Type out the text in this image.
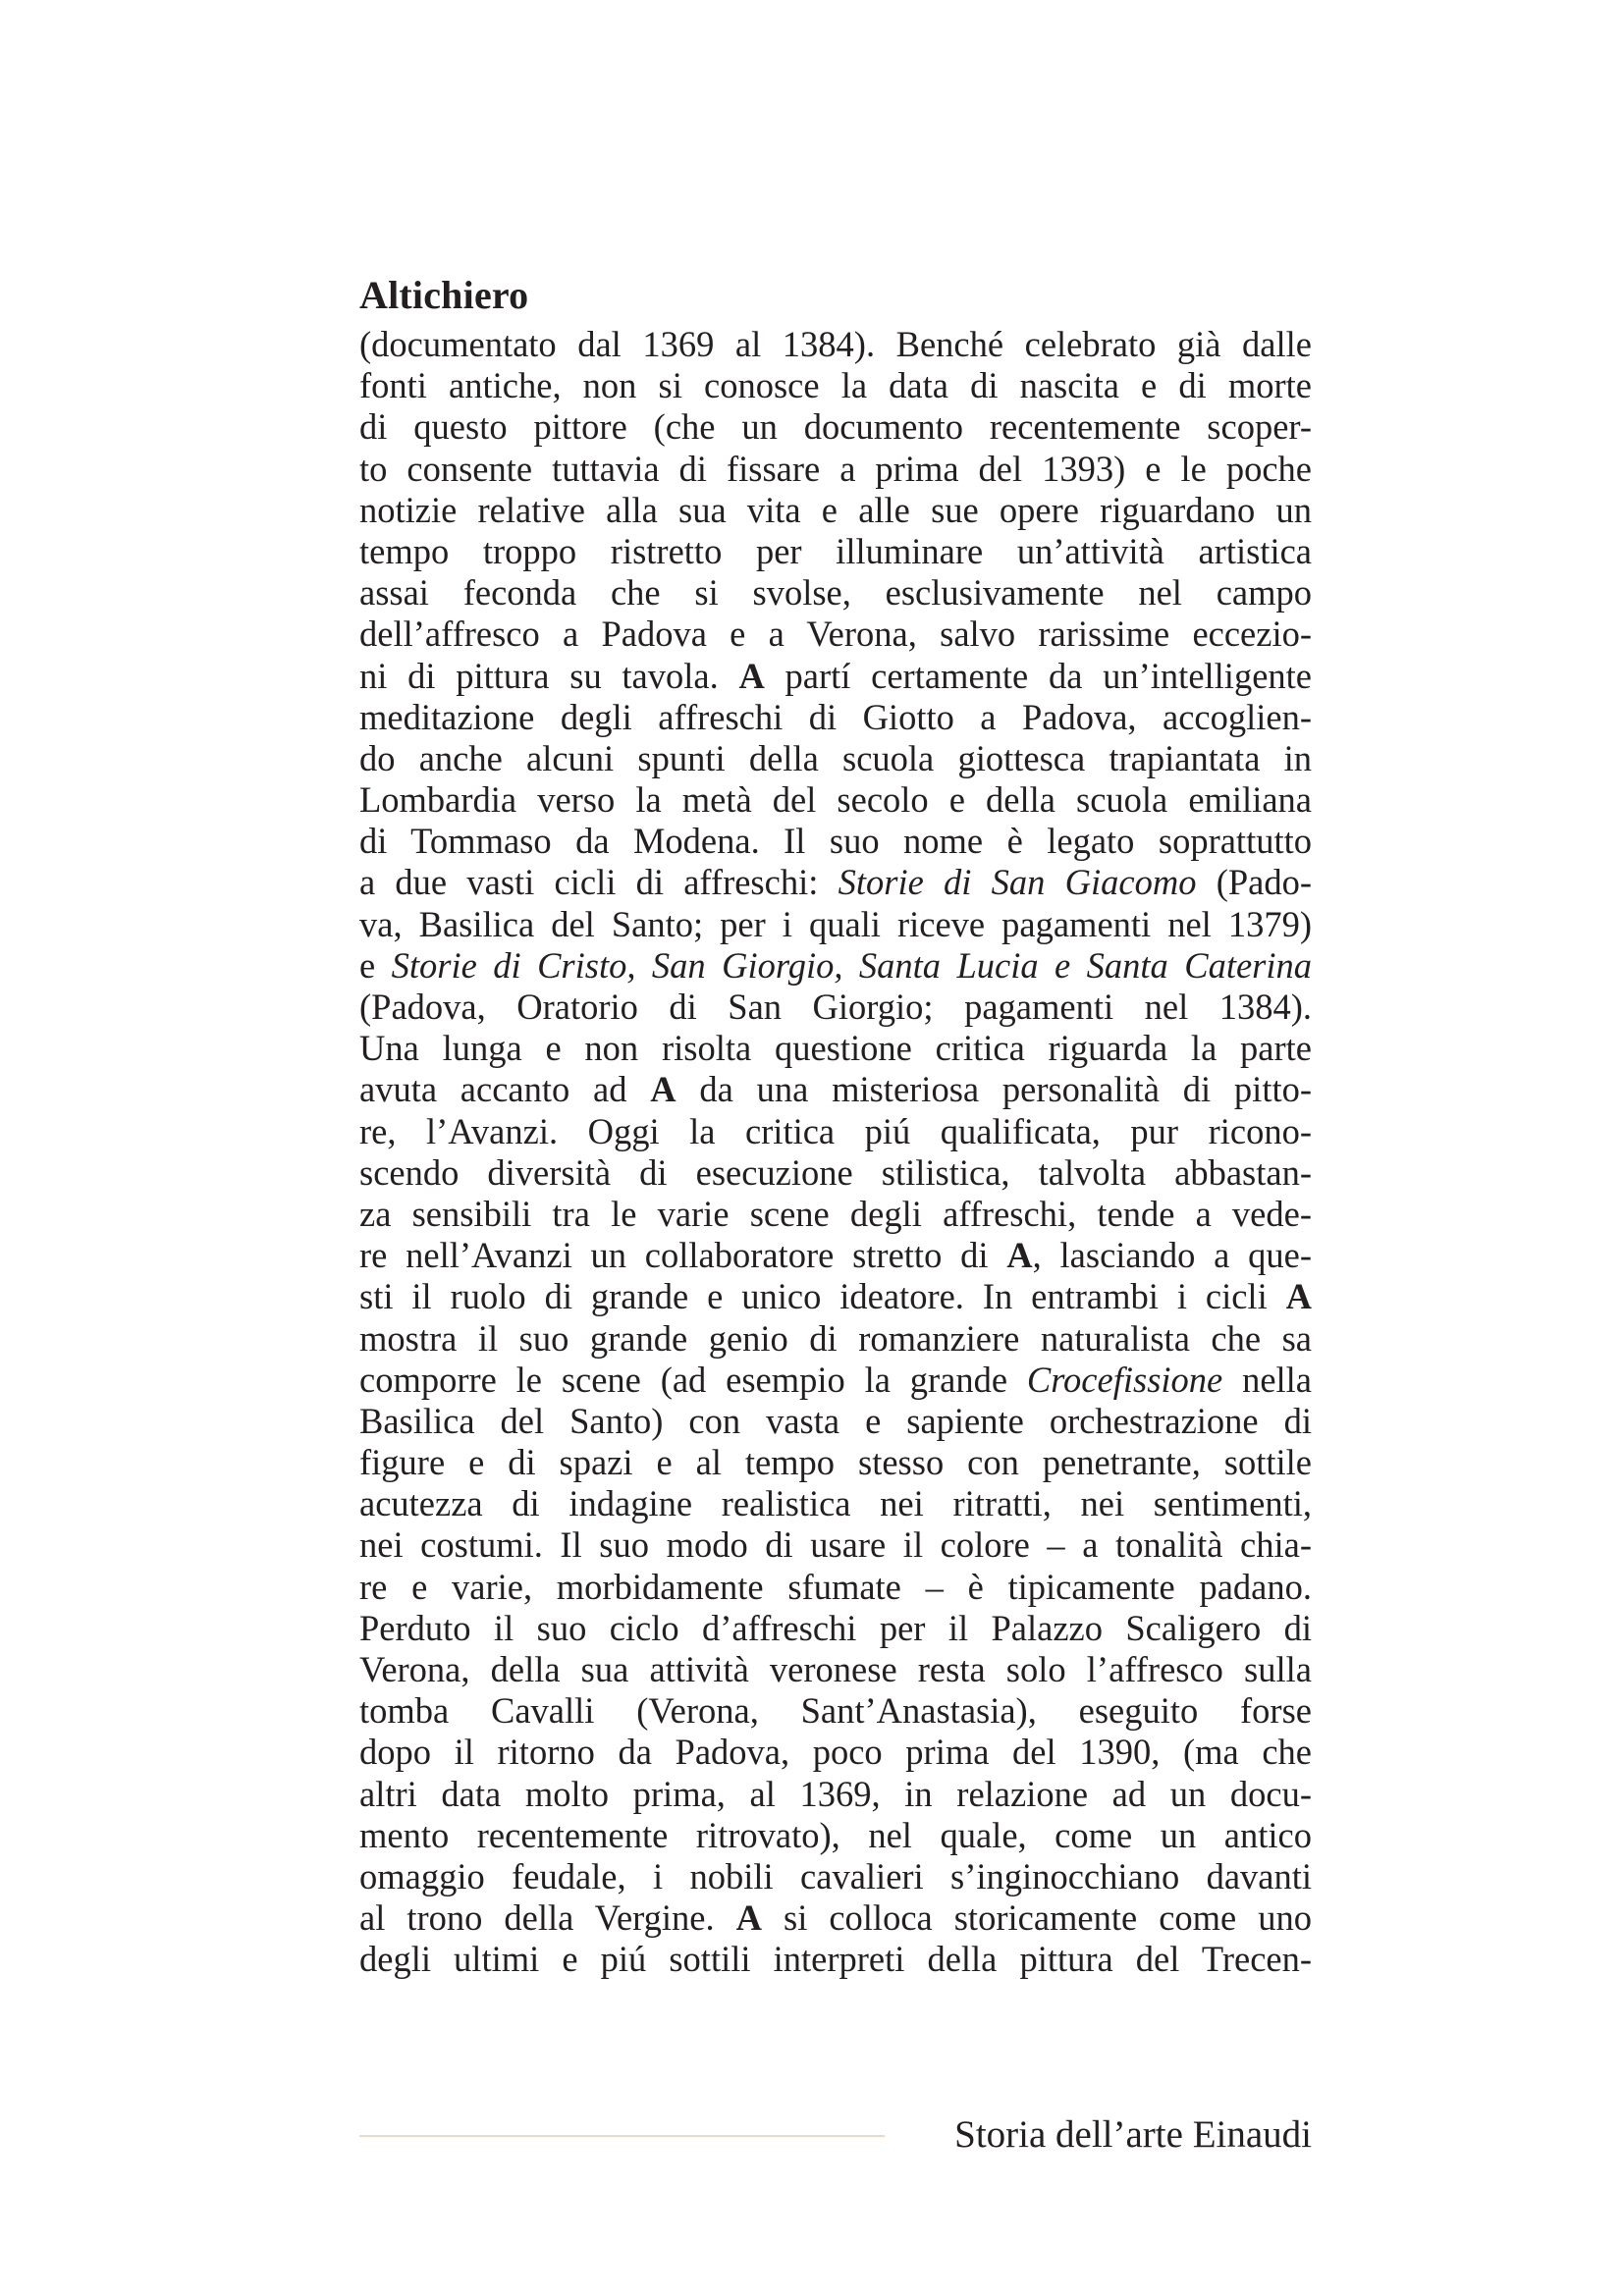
Altichiero
(documentato dal 1369 al 1384). Benché celebrato già dalle
fonti antiche, non si conosce la data di nascita e di morte
di questo pittore (che un documento recentemente scoper-
to consente tuttavia di fissare a prima del 1393) e le poche
notizie relative alla sua vita e alle sue opere riguardano un
tempo troppo ristretto per illuminare un’attività artistica
assai feconda che si svolse, esclusivamente nel campo
dell’affresco a Padova e a Verona, salvo rarissime eccezio-
ni di pittura su tavola. A partí certamente da un’intelligente
meditazione degli affreschi di Giotto a Padova, accoglien-
do anche alcuni spunti della scuola giottesca trapiantata in
Lombardia verso la metà del secolo e della scuola emiliana
di Tommaso da Modena. Il suo nome è legato soprattutto
a due vasti cicli di affreschi: Storie di San Giacomo (Pado-
va, Basilica del Santo; per i quali riceve pagamenti nel 1379)
e Storie di Cristo, San Giorgio, Santa Lucia e Santa Caterina
(Padova, Oratorio di San Giorgio; pagamenti nel 1384).
Una lunga e non risolta questione critica riguarda la parte
avuta accanto ad A da una misteriosa personalità di pitto-
re, l’Avanzi. Oggi la critica piú qualificata, pur ricono-
scendo diversità di esecuzione stilistica, talvolta abbastan-
za sensibili tra le varie scene degli affreschi, tende a vede-
re nell’Avanzi un collaboratore stretto di A, lasciando a que-
sti il ruolo di grande e unico ideatore. In entrambi i cicli A
mostra il suo grande genio di romanziere naturalista che sa
comporre le scene (ad esempio la grande Crocefissione nella
Basilica del Santo) con vasta e sapiente orchestrazione di
figure e di spazi e al tempo stesso con penetrante, sottile
acutezza di indagine realistica nei ritratti, nei sentimenti,
nei costumi. Il suo modo di usare il colore – a tonalità chia-
re e varie, morbidamente sfumate – è tipicamente padano.
Perduto il suo ciclo d’affreschi per il Palazzo Scaligero di
Verona, della sua attività veronese resta solo l’affresco sulla
tomba Cavalli (Verona, Sant’Anastasia), eseguito forse
dopo il ritorno da Padova, poco prima del 1390, (ma che
altri data molto prima, al 1369, in relazione ad un docu-
mento recentemente ritrovato), nel quale, come un antico
omaggio feudale, i nobili cavalieri s’inginocchiano davanti
al trono della Vergine. A si colloca storicamente come uno
degli ultimi e piú sottili interpreti della pittura del Trecen-
Storia dell’arte Einaudi
